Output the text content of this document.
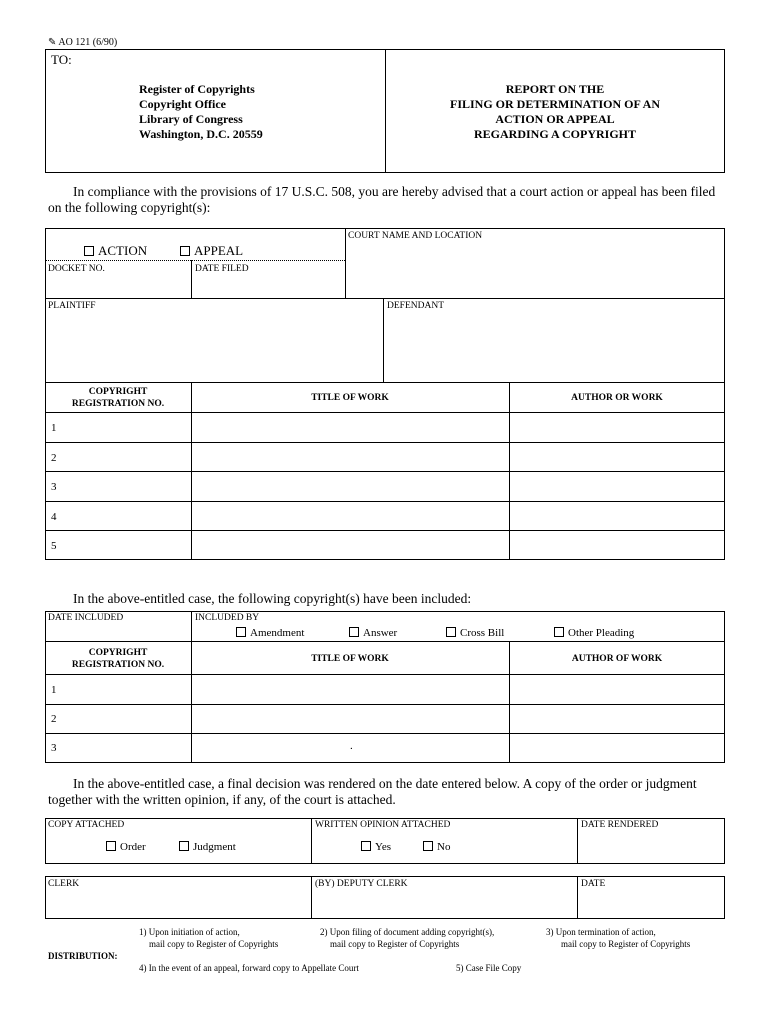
✎ AO 121 (6/90)
TO:
Register of Copyrights
Copyright Office
Library of Congress
Washington, D.C. 20559
REPORT ON THE
FILING OR DETERMINATION OF AN
ACTION OR APPEAL
REGARDING A COPYRIGHT
In compliance with the provisions of 17 U.S.C. 508, you are hereby advised that a court action or appeal has been filed
on the following copyright(s):
ACTION	APPEAL
COURT NAME AND LOCATION
DOCKET NO.	DATE FILED
PLAINTIFF	DEFENDANT
COPYRIGHT
REGISTRATION NO.
TITLE OF WORK	AUTHOR OR WORK
1
2
3
4
5
In the above-entitled case, the following copyright(s) have been included:
DATE INCLUDED	INCLUDED BY
Amendment	Answer	Cross Bill	Other Pleading
COPYRIGHT
REGISTRATION NO.
TITLE OF WORK	AUTHOR OF WORK
1
2
3	.
In the above-entitled case, a final decision was rendered on the date entered below. A copy of the order or judgment
together with the written opinion, if any, of the court is attached.
COPY ATTACHED	WRITTEN OPINION ATTACHED	DATE RENDERED
Order	Judgment	Yes	No
CLERK	(BY) DEPUTY CLERK	DATE
1) Upon initiation of action,
mail copy to Register of Copyrights
2) Upon filing of document adding copyright(s),
mail copy to Register of Copyrights
3) Upon termination of action,
mail copy to Register of Copyrights
DISTRIBUTION:
4) In the event of an appeal, forward copy to Appellate Court	5) Case File Copy
